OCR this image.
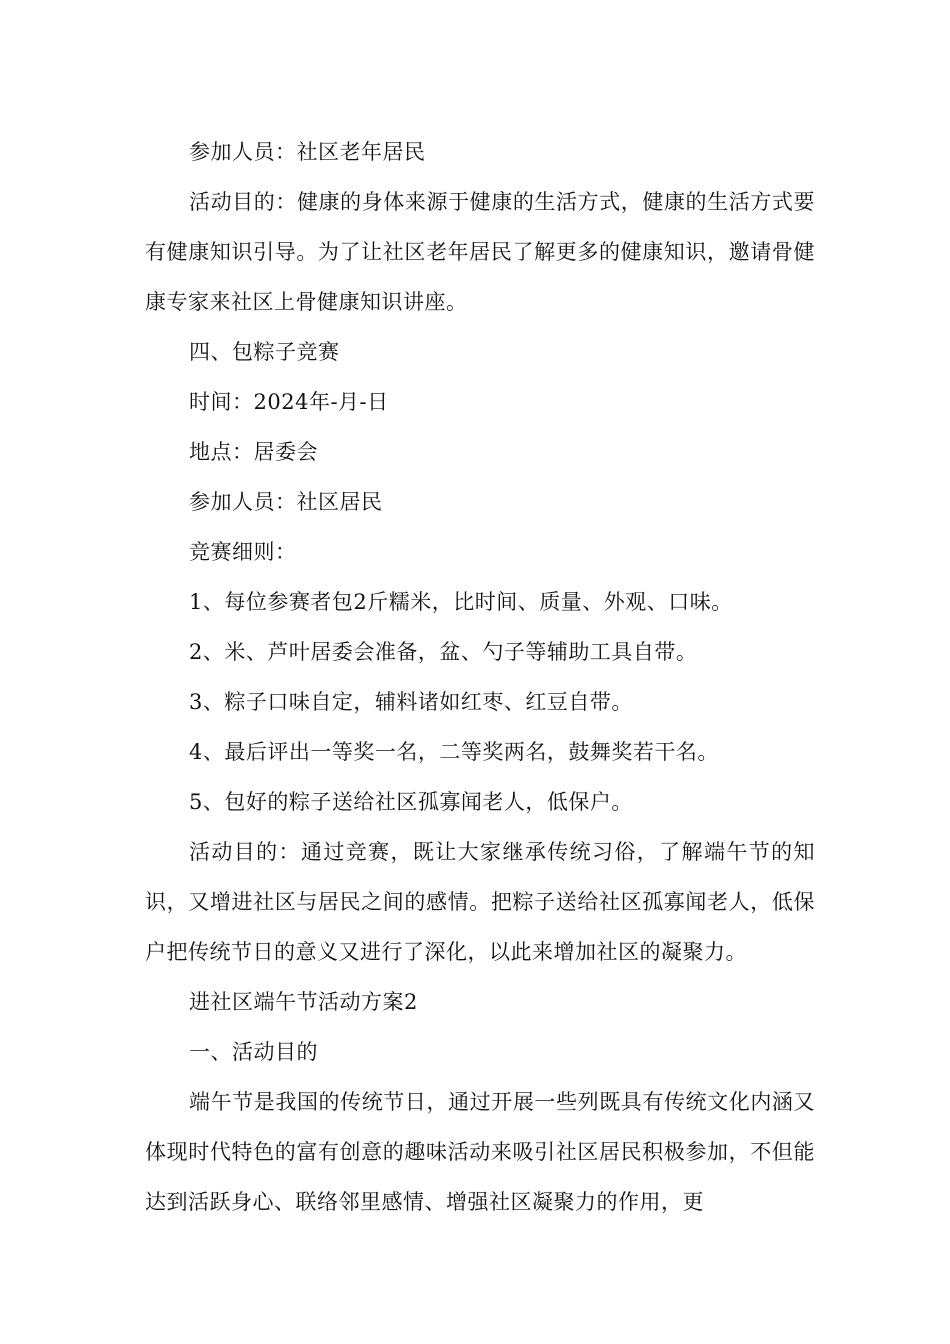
参加人员：社区老年居民

活动目的：健康的身体来源于健康的生活方式，健康的生活方式要有健康知识引导。为了让社区老年居民了解更多的健康知识，邀请骨健康专家来社区上骨健康知识讲座。

四、包粽子竞赛

时间：2024年-月-日

地点：居委会

参加人员：社区居民

竞赛细则：

1、每位参赛者包2斤糯米，比时间、质量、外观、口味。

2、米、芦叶居委会准备，盆、勺子等辅助工具自带。

3、粽子口味自定，辅料诸如红枣、红豆自带。

4、最后评出一等奖一名，二等奖两名，鼓舞奖若干名。

5、包好的粽子送给社区孤寡闻老人，低保户。

活动目的：通过竞赛，既让大家继承传统习俗，了解端午节的知识，又增进社区与居民之间的感情。把粽子送给社区孤寡闻老人，低保户把传统节日的意义又进行了深化，以此来增加社区的凝聚力。

进社区端午节活动方案2

一、活动目的

端午节是我国的传统节日，通过开展一些列既具有传统文化内涵又体现时代特色的富有创意的趣味活动来吸引社区居民积极参加，不但能达到活跃身心、联络邻里感情、增强社区凝聚力的作用，更
